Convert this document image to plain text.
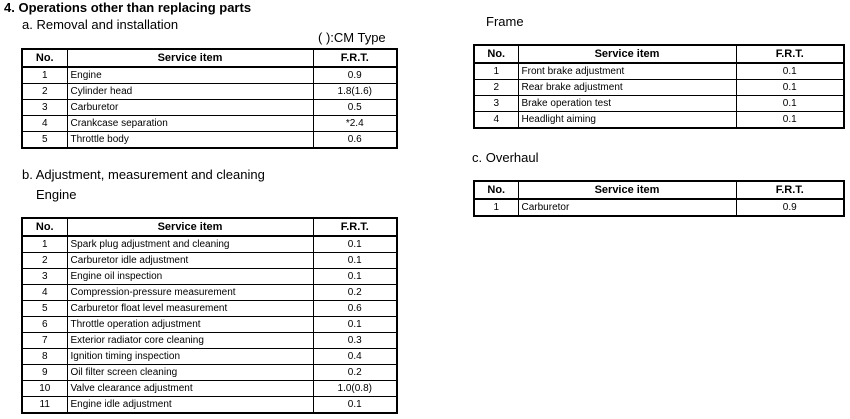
4. Operations other than replacing parts
a. Removal and installation
( ):CM Type
No.	Service item	F.R.T.
1	Engine	0.9
2	Cylinder head	1.8(1.6)
3	Carburetor	0.5
4	Crankcase separation	*2.4
5	Throttle body	0.6
b. Adjustment, measurement and cleaning
Engine
No.	Service item	F.R.T.
1	Spark plug adjustment and cleaning	0.1
2	Carburetor idle adjustment	0.1
3	Engine oil inspection	0.1
4	Compression-pressure measurement	0.2
5	Carburetor float level measurement	0.6
6	Throttle operation adjustment	0.1
7	Exterior radiator core cleaning	0.3
8	Ignition timing inspection	0.4
9	Oil filter screen cleaning	0.2
10	Valve clearance adjustment	1.0(0.8)
11	Engine idle adjustment	0.1
Frame
No.	Service item	F.R.T.
1	Front brake adjustment	0.1
2	Rear brake adjustment	0.1
3	Brake operation test	0.1
4	Headlight aiming	0.1
c. Overhaul
No.	Service item	F.R.T.
1	Carburetor	0.9
